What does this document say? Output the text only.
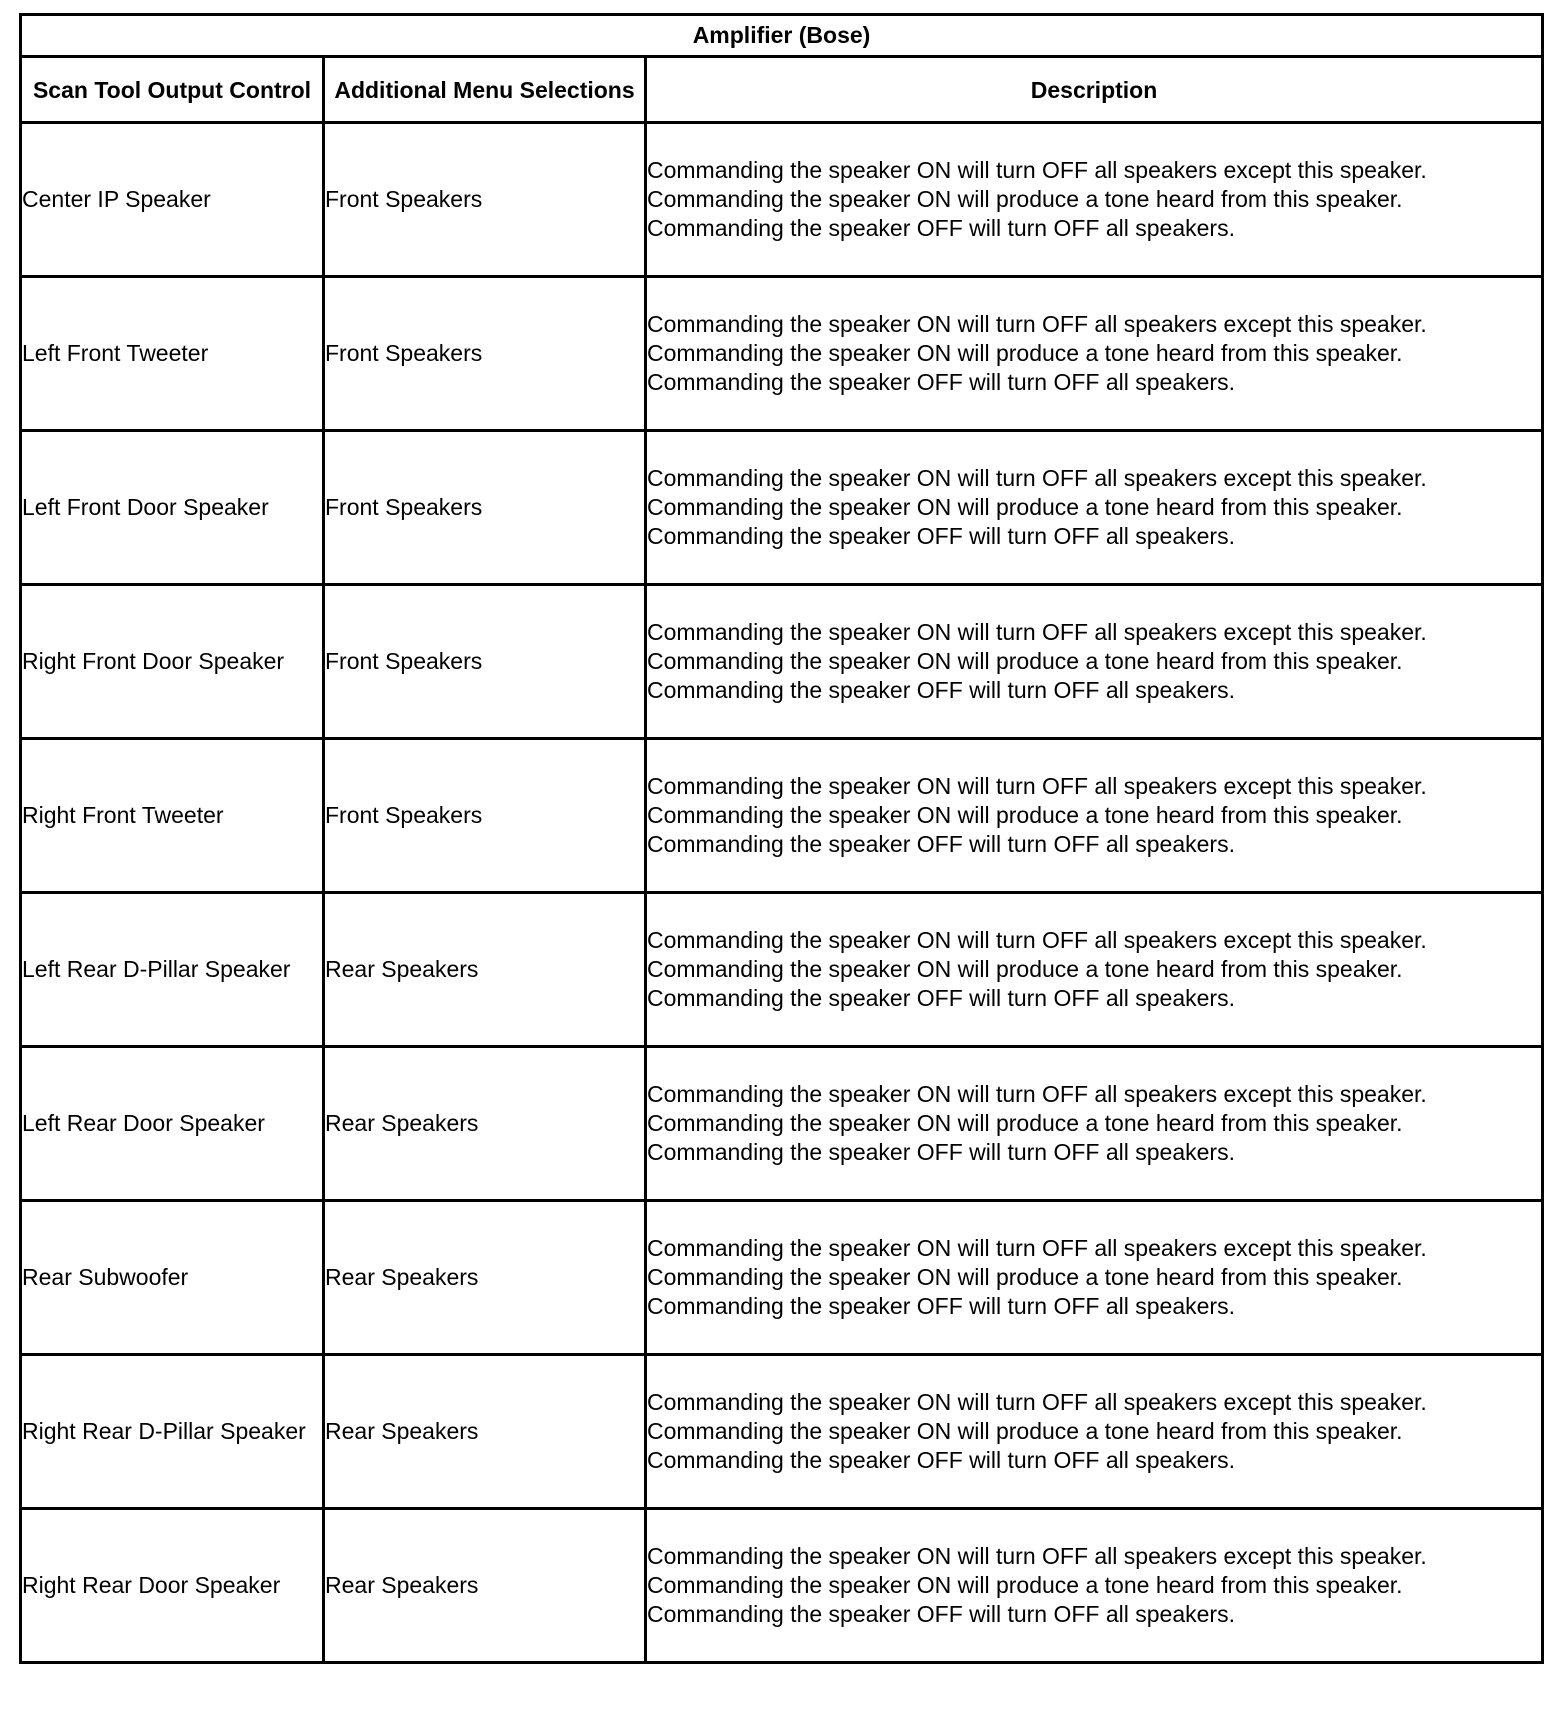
Amplifier (Bose)		
Scan Tool Output Control	Additional Menu Selections	Description
Center IP Speaker	Front Speakers	Commanding the speaker ON will turn OFF all speakers except this speaker.
Commanding the speaker ON will produce a tone heard from this speaker.
Commanding the speaker OFF will turn OFF all speakers.

Left Front Tweeter	Front Speakers	Commanding the speaker ON will turn OFF all speakers except this speaker.
Commanding the speaker ON will produce a tone heard from this speaker.
Commanding the speaker OFF will turn OFF all speakers.

Left Front Door Speaker	Front Speakers	Commanding the speaker ON will turn OFF all speakers except this speaker.
Commanding the speaker ON will produce a tone heard from this speaker.
Commanding the speaker OFF will turn OFF all speakers.

Right Front Door Speaker	Front Speakers	Commanding the speaker ON will turn OFF all speakers except this speaker.
Commanding the speaker ON will produce a tone heard from this speaker.
Commanding the speaker OFF will turn OFF all speakers.

Right Front Tweeter	Front Speakers	Commanding the speaker ON will turn OFF all speakers except this speaker.
Commanding the speaker ON will produce a tone heard from this speaker.
Commanding the speaker OFF will turn OFF all speakers.

Left Rear D-Pillar Speaker	Rear Speakers	Commanding the speaker ON will turn OFF all speakers except this speaker.
Commanding the speaker ON will produce a tone heard from this speaker.
Commanding the speaker OFF will turn OFF all speakers.

Left Rear Door Speaker	Rear Speakers	Commanding the speaker ON will turn OFF all speakers except this speaker.
Commanding the speaker ON will produce a tone heard from this speaker.
Commanding the speaker OFF will turn OFF all speakers.

Rear Subwoofer	Rear Speakers	Commanding the speaker ON will turn OFF all speakers except this speaker.
Commanding the speaker ON will produce a tone heard from this speaker.
Commanding the speaker OFF will turn OFF all speakers.

Right Rear D-Pillar Speaker	Rear Speakers	Commanding the speaker ON will turn OFF all speakers except this speaker.
Commanding the speaker ON will produce a tone heard from this speaker.
Commanding the speaker OFF will turn OFF all speakers.

Right Rear Door Speaker	Rear Speakers	Commanding the speaker ON will turn OFF all speakers except this speaker.
Commanding the speaker ON will produce a tone heard from this speaker.
Commanding the speaker OFF will turn OFF all speakers.
